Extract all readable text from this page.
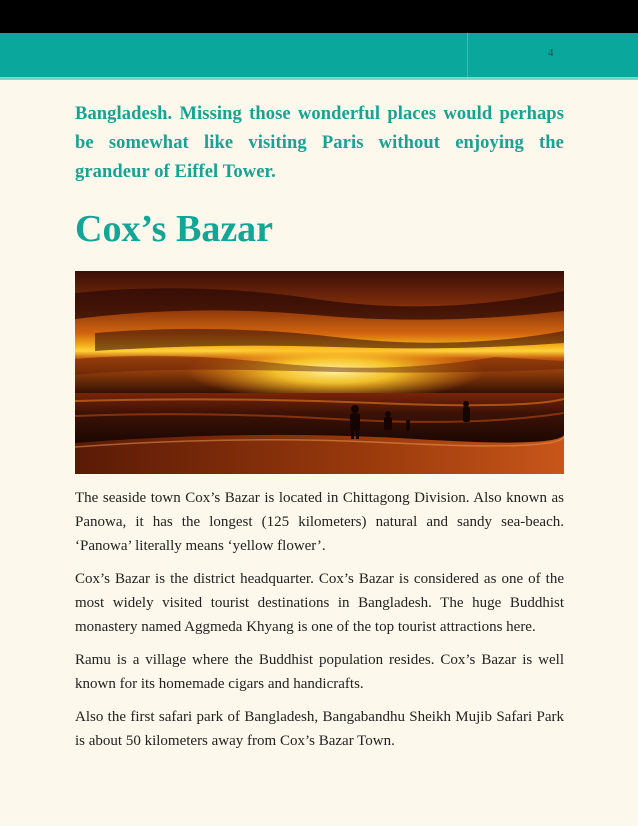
4

Bangladesh. Missing those wonderful places would perhaps be somewhat like visiting Paris without enjoying the grandeur of Eiffel Tower.

Cox’s Bazar

The seaside town Cox’s Bazar is located in Chittagong Division. Also known as Panowa, it has the longest (125 kilometers) natural and sandy sea-beach. ‘Panowa’ literally means ‘yellow flower’.

Cox’s Bazar is the district headquarter. Cox’s Bazar is considered as one of the most widely visited tourist destinations in Bangladesh. The huge Buddhist monastery named Aggmeda Khyang is one of the top tourist attractions here.

Ramu is a village where the Buddhist population resides. Cox’s Bazar is well known for its homemade cigars and handicrafts.

Also the first safari park of Bangladesh, Bangabandhu Sheikh Mujib Safari Park is about 50 kilometers away from Cox’s Bazar Town.
